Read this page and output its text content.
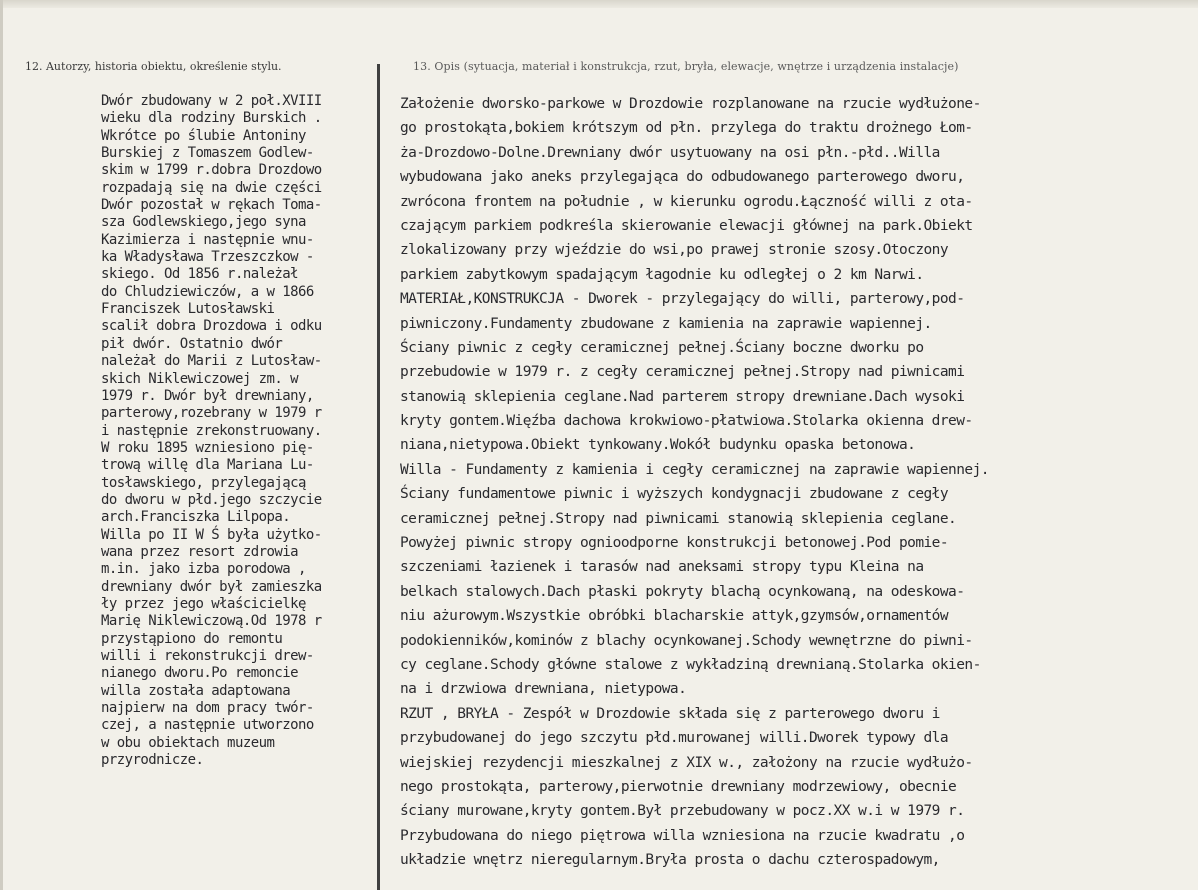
12. Autorzy, historia obiektu, określenie stylu.	13. Opis (sytuacja, materiał i konstrukcja, rzut, bryła, elewacje, wnętrze i urządzenia instalacje)

Dwór zbudowany w 2 poł.XVIII
wieku dla rodziny Burskich .
Wkrótce po ślubie Antoniny
Burskiej z Tomaszem Godlew-
skim w 1799 r.dobra Drozdowo
rozpadają się na dwie części
Dwór pozostał w rękach Toma-
sza Godlewskiego,jego syna
Kazimierza i następnie wnu-
ka Władysława Trzeszczkow -
skiego. Od 1856 r.należał
do Chludziewiczów, a w 1866
Franciszek Lutosławski
scalił dobra Drozdowa i odku
pił dwór. Ostatnio dwór
należał do Marii z Lutosław-
skich Niklewiczowej zm. w
1979 r. Dwór był drewniany,
parterowy,rozebrany w 1979 r
i następnie zrekonstruowany.
W roku 1895 wzniesiono pię-
trową willę dla Mariana Lu-
tosławskiego, przylegającą
do dworu w płd.jego szczycie
arch.Franciszka Lilpopa.
Willa po II W Ś była użytko-
wana przez resort zdrowia
m.in. jako izba porodowa ,
drewniany dwór był zamieszka
ły przez jego właścicielkę
Marię Niklewiczową.Od 1978 r
przystąpiono do remontu
willi i rekonstrukcji drew-
nianego dworu.Po remoncie
willa została adaptowana
najpierw na dom pracy twór-
czej, a następnie utworzono
w obu obiektach muzeum
przyrodnicze.
Założenie dworsko-parkowe w Drozdowie rozplanowane na rzucie wydłużone-
go prostokąta,bokiem krótszym od płn. przylega do traktu drożnego Łom-
ża-Drozdowo-Dolne.Drewniany dwór usytuowany na osi płn.-płd..Willa
wybudowana jako aneks przylegająca do odbudowanego parterowego dworu,
zwrócona frontem na południe , w kierunku ogrodu.Łączność willi z ota-
czającym parkiem podkreśla skierowanie elewacji głównej na park.Obiekt
zlokalizowany przy wjeździe do wsi,po prawej stronie szosy.Otoczony
parkiem zabytkowym spadającym łagodnie ku odległej o 2 km Narwi.
MATERIAŁ,KONSTRUKCJA - Dworek - przylegający do willi, parterowy,pod-
piwniczony.Fundamenty zbudowane z kamienia na zaprawie wapiennej.
Ściany piwnic z cegły ceramicznej pełnej.Ściany boczne dworku po
przebudowie w 1979 r. z cegły ceramicznej pełnej.Stropy nad piwnicami
stanowią sklepienia ceglane.Nad parterem stropy drewniane.Dach wysoki
kryty gontem.Więźba dachowa krokwiowo-płatwiowa.Stolarka okienna drew-
niana,nietypowa.Obiekt tynkowany.Wokół budynku opaska betonowa.
Willa - Fundamenty z kamienia i cegły ceramicznej na zaprawie wapiennej.
Ściany fundamentowe piwnic i wyższych kondygnacji zbudowane z cegły
ceramicznej pełnej.Stropy nad piwnicami stanowią sklepienia ceglane.
Powyżej piwnic stropy ognioodporne konstrukcji betonowej.Pod pomie-
szczeniami łazienek i tarasów nad aneksami stropy typu Kleina na
belkach stalowych.Dach płaski pokryty blachą ocynkowaną, na odeskowa-
niu ażurowym.Wszystkie obróbki blacharskie attyk,gzymsów,ornamentów
podokienników,kominów z blachy ocynkowanej.Schody wewnętrzne do piwni-
cy ceglane.Schody główne stalowe z wykładziną drewnianą.Stolarka okien-
na i drzwiowa drewniana, nietypowa.
RZUT , BRYŁA - Zespół w Drozdowie składa się z parterowego dworu i
przybudowanej do jego szczytu płd.murowanej willi.Dworek typowy dla
wiejskiej rezydencji mieszkalnej z XIX w., założony na rzucie wydłużo-
nego prostokąta, parterowy,pierwotnie drewniany modrzewiowy, obecnie
ściany murowane,kryty gontem.Był przebudowany w pocz.XX w.i w 1979 r.
Przybudowana do niego piętrowa willa wzniesiona na rzucie kwadratu ,o
układzie wnętrz nieregularnym.Bryła prosta o dachu czterospadowym,
